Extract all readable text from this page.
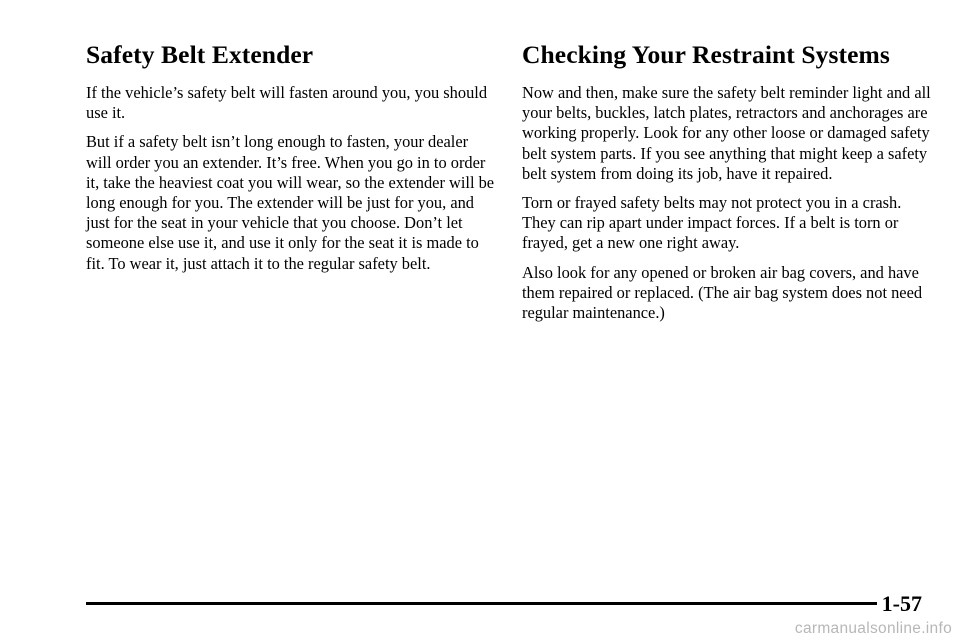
Safety Belt Extender

If the vehicle’s safety belt will fasten around you, you should use it.

But if a safety belt isn’t long enough to fasten, your dealer will order you an extender. It’s free. When you go in to order it, take the heaviest coat you will wear, so the extender will be long enough for you. The extender will be just for you, and just for the seat in your vehicle that you choose. Don’t let someone else use it, and use it only for the seat it is made to fit. To wear it, just attach it to the regular safety belt.

Checking Your Restraint Systems

Now and then, make sure the safety belt reminder light and all your belts, buckles, latch plates, retractors and anchorages are working properly. Look for any other loose or damaged safety belt system parts. If you see anything that might keep a safety belt system from doing its job, have it repaired.

Torn or frayed safety belts may not protect you in a crash. They can rip apart under impact forces. If a belt is torn or frayed, get a new one right away.

Also look for any opened or broken air bag covers, and have them repaired or replaced. (The air bag system does not need regular maintenance.)

1-57
carmanualsonline.info
